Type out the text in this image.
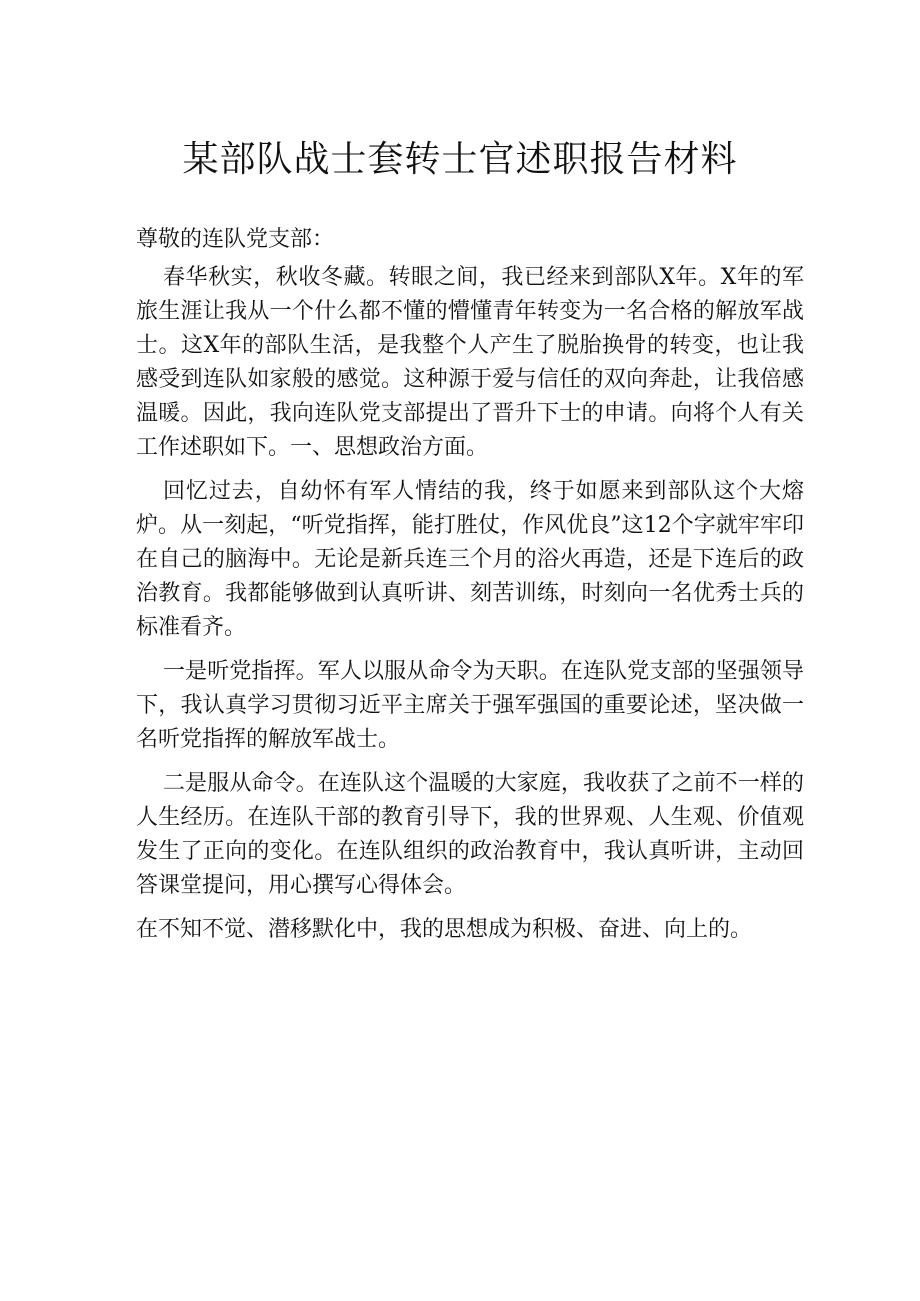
某部队战士套转士官述职报告材料

尊敬的连队党支部：

春华秋实，秋收冬藏。转眼之间，我已经来到部队X年。X年的军旅生涯让我从一个什么都不懂的懵懂青年转变为一名合格的解放军战士。这X年的部队生活，是我整个人产生了脱胎换骨的转变，也让我感受到连队如家般的感觉。这种源于爱与信任的双向奔赴，让我倍感温暖。因此，我向连队党支部提出了晋升下士的申请。向将个人有关工作述职如下。一、思想政治方面。

回忆过去，自幼怀有军人情结的我，终于如愿来到部队这个大熔炉。从一刻起，“听党指挥，能打胜仗，作风优良”这12个字就牢牢印在自己的脑海中。无论是新兵连三个月的浴火再造，还是下连后的政治教育。我都能够做到认真听讲、刻苦训练，时刻向一名优秀士兵的标准看齐。

一是听党指挥。军人以服从命令为天职。在连队党支部的坚强领导下，我认真学习贯彻习近平主席关于强军强国的重要论述，坚决做一名听党指挥的解放军战士。

二是服从命令。在连队这个温暖的大家庭，我收获了之前不一样的人生经历。在连队干部的教育引导下，我的世界观、人生观、价值观发生了正向的变化。在连队组织的政治教育中，我认真听讲，主动回答课堂提问，用心撰写心得体会。

在不知不觉、潜移默化中，我的思想成为积极、奋进、向上的。
